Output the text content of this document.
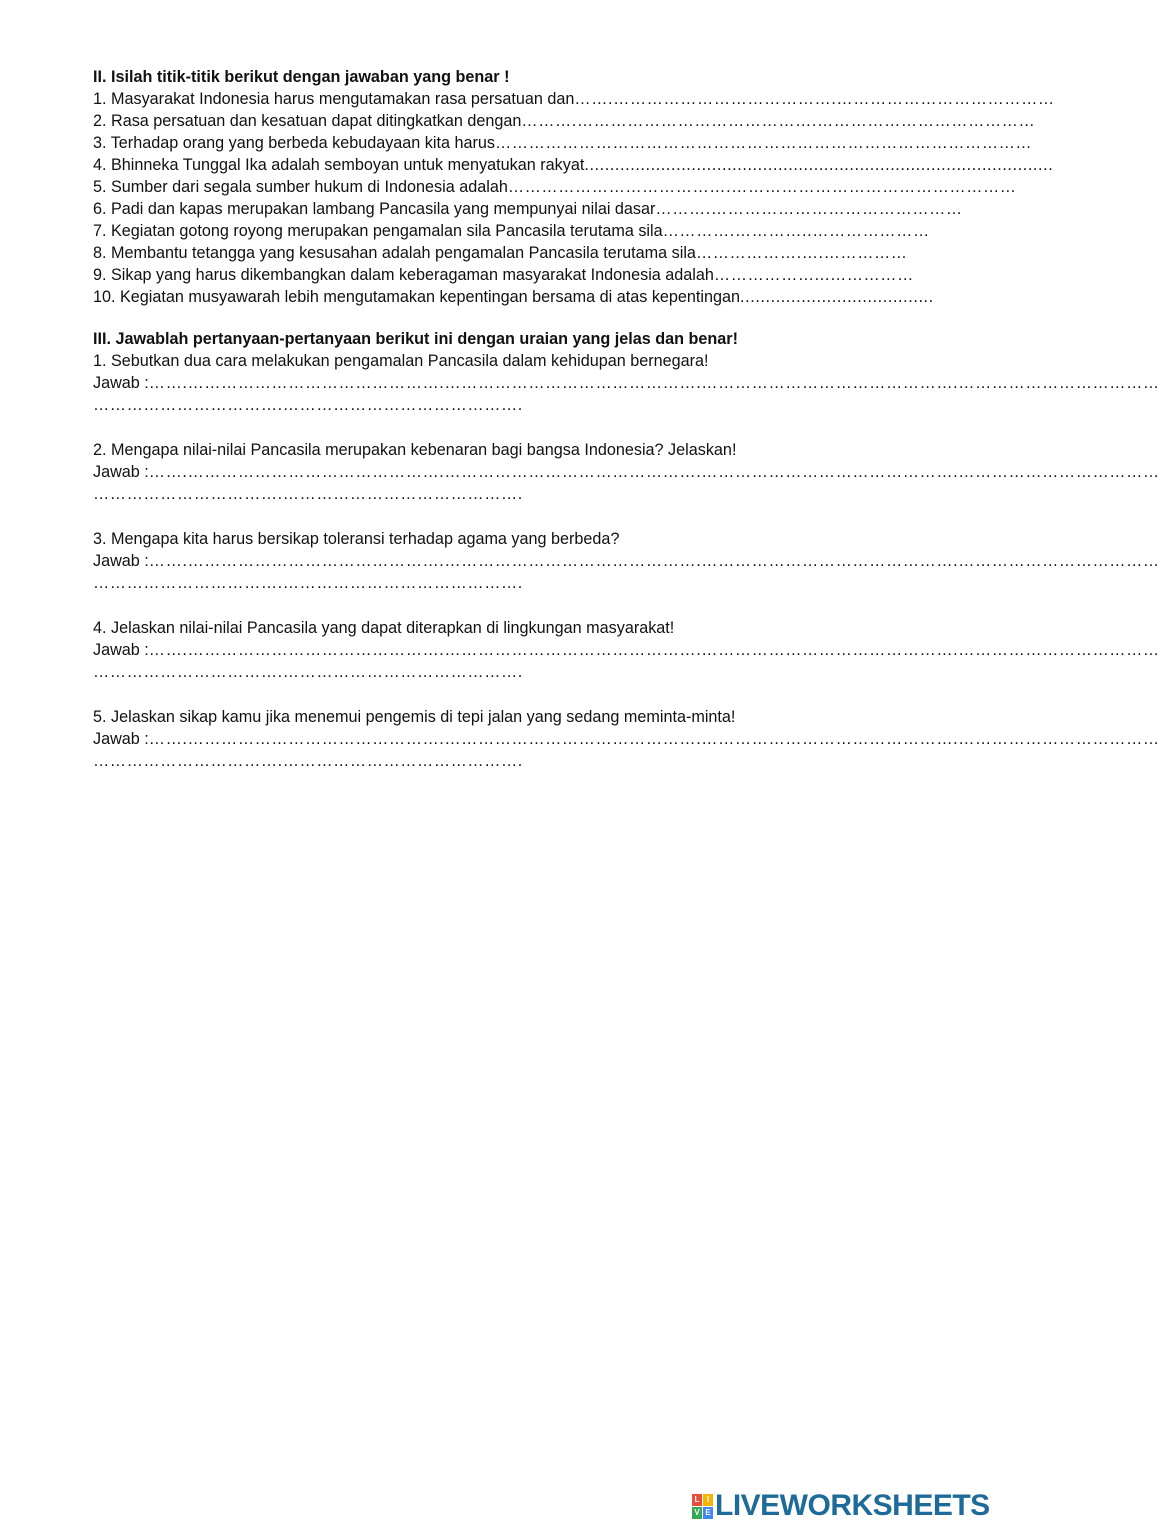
II. Isilah titik-titik berikut dengan jawaban yang benar !
1. Masyarakat Indonesia harus mengutamakan rasa persatuan dan …….………………………………….…………………………………
2. Rasa persatuan dan kesatuan dapat ditingkatkan dengan ……….…………………………………….…………………………………
3. Terhadap orang yang berbeda kebudayaan kita harus ……………………………………………………………………………………
4. Bhinneka Tunggal Ika adalah semboyan untuk menyatukan rakyat ............................................................................................
5. Sumber dari segala sumber hukum di Indonesia adalah ………………………………….……………………………………………
6. Padi dan kapas merupakan lambang Pancasila yang mempunyai nilai dasar ……….………………………………………
7. Kegiatan gotong royong merupakan pengamalan sila Pancasila terutama sila ………….…………..…………………
8. Membantu tetangga yang kesusahan adalah pengamalan Pancasila terutama sila ……………….….……………
9. Sikap yang harus dikembangkan dalam keberagaman masyarakat Indonesia adalah ………………...……………
10. Kegiatan musyawarah lebih mengutamakan kepentingan bersama di atas kepentingan ......................................
III. Jawablah pertanyaan-pertanyaan berikut ini dengan uraian yang jelas dan benar!
1. Sebutkan dua cara melakukan pengamalan Pancasila dalam kehidupan bernegara!
Jawab : …….……………………………………….……………………………………….……………………………………….………………………………
…………………………….…………………………………….
2. Mengapa nilai-nilai Pancasila merupakan kebenaran bagi bangsa Indonesia? Jelaskan!
Jawab : …….……………………………………….……………………………………….……………………………………….………………………………
…………………………….…………………………………….
3. Mengapa kita harus bersikap toleransi terhadap agama yang berbeda?
Jawab : …….……………………………………….……………………………………….……………………………………….………………………………
…………………………….…………………………………….
4. Jelaskan nilai-nilai Pancasila yang dapat diterapkan di lingkungan masyarakat!
Jawab : …….……………………………………….……………………………………….……………………………………….………………………………
…………………………….…………………………………….
5. Jelaskan sikap kamu jika menemui pengemis di tepi jalan yang sedang meminta-minta!
Jawab : …….……………………………………….……………………………………….……………………………………….………………………………
…………………………….…………………………………….
L I
V E LIVEWORKSHEETS
